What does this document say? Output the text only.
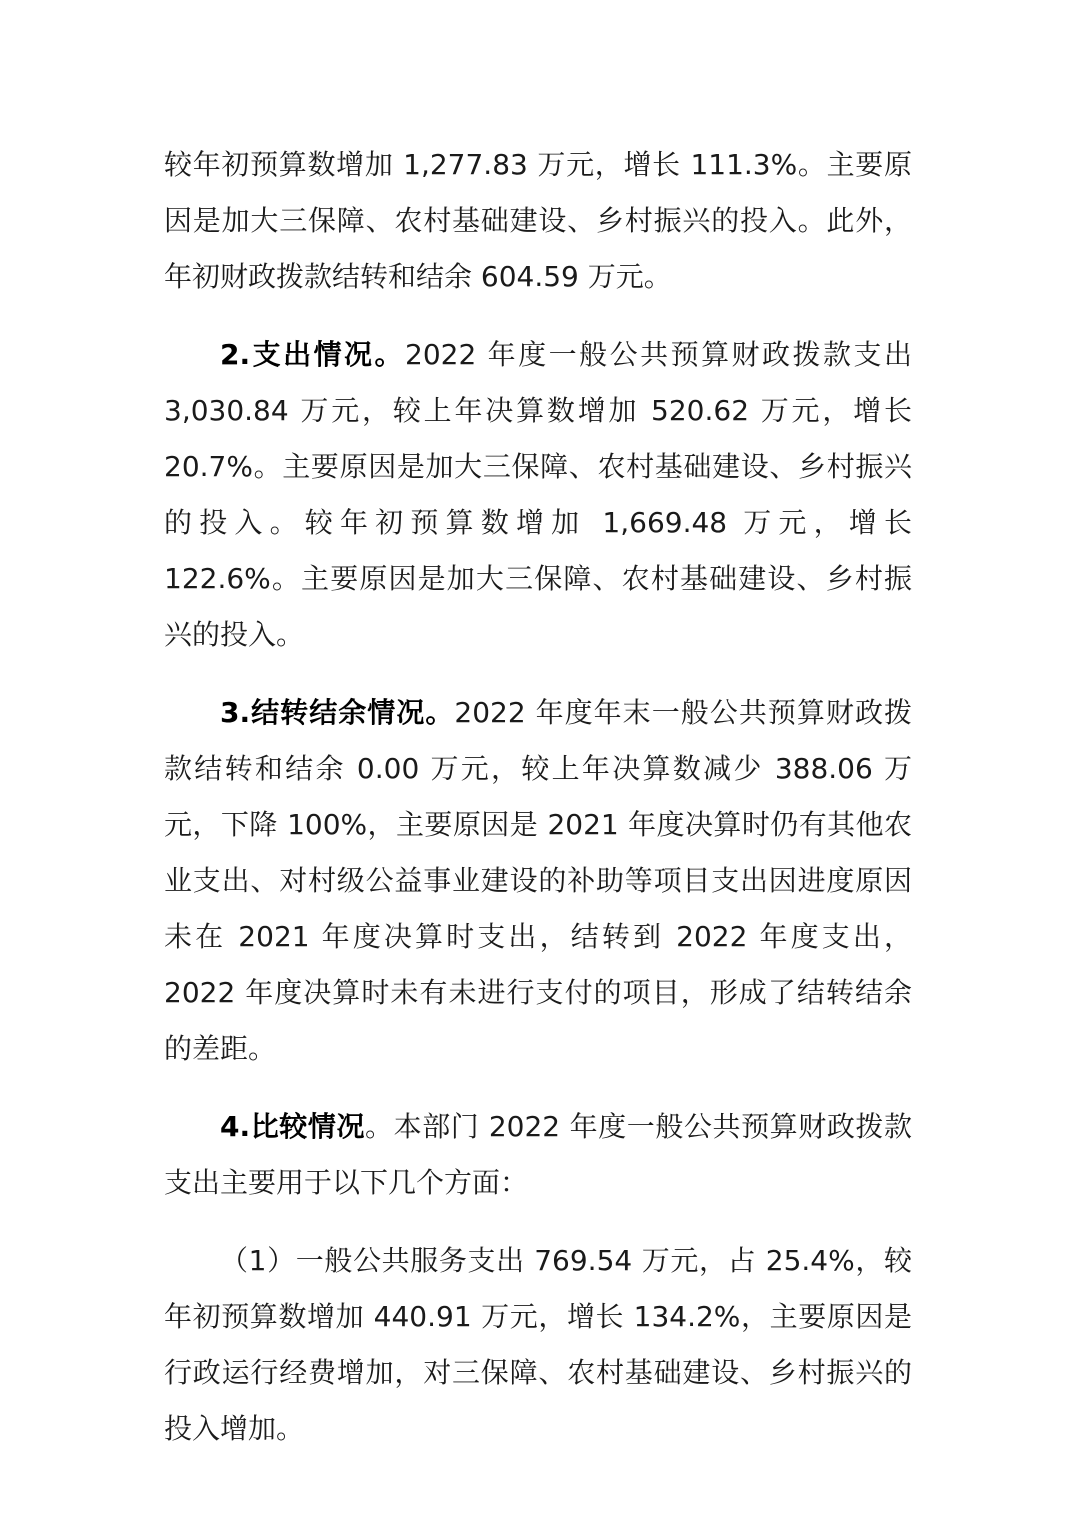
较年初预算数增加 1,277.83 万元，增长 111.3%。主要原因是加大三保障、农村基础建设、乡村振兴的投入。此外，年初财政拨款结转和结余 604.59 万元。

2.支出情况。2022 年度一般公共预算财政拨款支出 3,030.84 万元，较上年决算数增加 520.62 万元，增长 20.7%。主要原因是加大三保障、农村基础建设、乡村振兴的投入。较年初预算数增加 1,669.48 万元，增长 122.6%。主要原因是加大三保障、农村基础建设、乡村振兴的投入。

3.结转结余情况。2022 年度年末一般公共预算财政拨款结转和结余 0.00 万元，较上年决算数减少 388.06 万元，下降 100%，主要原因是 2021 年度决算时仍有其他农业支出、对村级公益事业建设的补助等项目支出因进度原因未在 2021 年度决算时支出，结转到 2022 年度支出，2022 年度决算时未有未进行支付的项目，形成了结转结余的差距。

4.比较情况。本部门 2022 年度一般公共预算财政拨款支出主要用于以下几个方面：

（1）一般公共服务支出 769.54 万元，占 25.4%，较年初预算数增加 440.91 万元，增长 134.2%，主要原因是行政运行经费增加，对三保障、农村基础建设、乡村振兴的投入增加。
